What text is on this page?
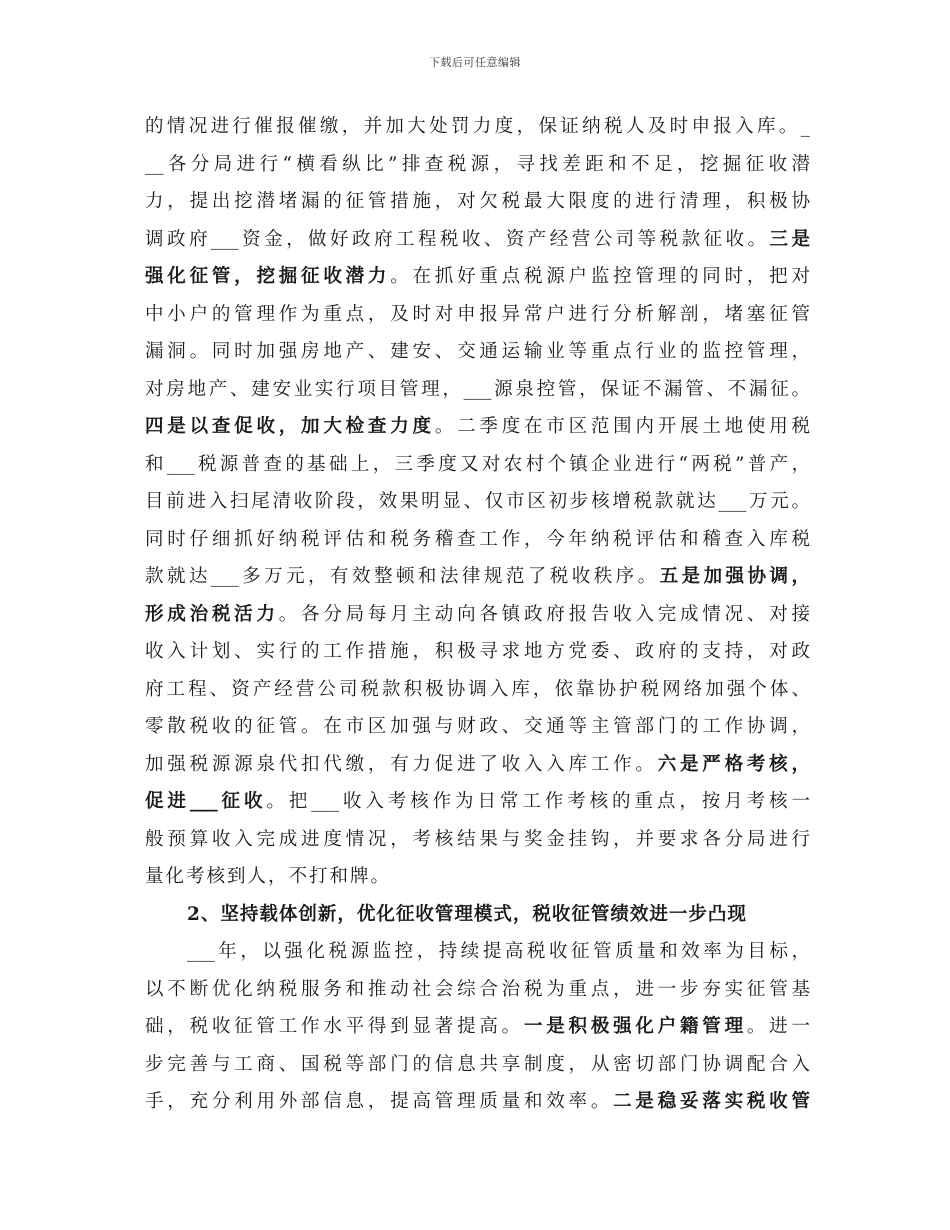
下载后可任意编辑
的情况进行催报催缴，并加大处罚力度，保证纳税人及时申报入库。_
__各分局进行“横看纵比”排查税源，寻找差距和不足，挖掘征收潜
力，提出挖潜堵漏的征管措施，对欠税最大限度的进行清理，积极协
调政府___资金，做好政府工程税收、资产经营公司等税款征收。三是
强化征管，挖掘征收潜力。在抓好重点税源户监控管理的同时，把对
中小户的管理作为重点，及时对申报异常户进行分析解剖，堵塞征管
漏洞。同时加强房地产、建安、交通运输业等重点行业的监控管理，
对房地产、建安业实行项目管理，___源泉控管，保证不漏管、不漏征。
四是以查促收，加大检查力度。二季度在市区范围内开展土地使用税
和___税源普查的基础上，三季度又对农村个镇企业进行“两税”普产，
目前进入扫尾清收阶段，效果明显、仅市区初步核增税款就达___万元。
同时仔细抓好纳税评估和税务稽查工作，今年纳税评估和稽查入库税
款就达___多万元，有效整顿和法律规范了税收秩序。五是加强协调，
形成治税活力。各分局每月主动向各镇政府报告收入完成情况、对接
收入计划、实行的工作措施，积极寻求地方党委、政府的支持，对政
府工程、资产经营公司税款积极协调入库，依靠协护税网络加强个体、
零散税收的征管。在市区加强与财政、交通等主管部门的工作协调，
加强税源源泉代扣代缴，有力促进了收入入库工作。六是严格考核，
促进___征收。把___收入考核作为日常工作考核的重点，按月考核一
般预算收入完成进度情况，考核结果与奖金挂钩，并要求各分局进行
量化考核到人，不打和牌。
2、坚持载体创新，优化征收管理模式，税收征管绩效进一步凸现
___年，以强化税源监控，持续提高税收征管质量和效率为目标，
以不断优化纳税服务和推动社会综合治税为重点，进一步夯实征管基
础，税收征管工作水平得到显著提高。一是积极强化户籍管理。进一
步完善与工商、国税等部门的信息共享制度，从密切部门协调配合入
手，充分利用外部信息，提高管理质量和效率。二是稳妥落实税收管
